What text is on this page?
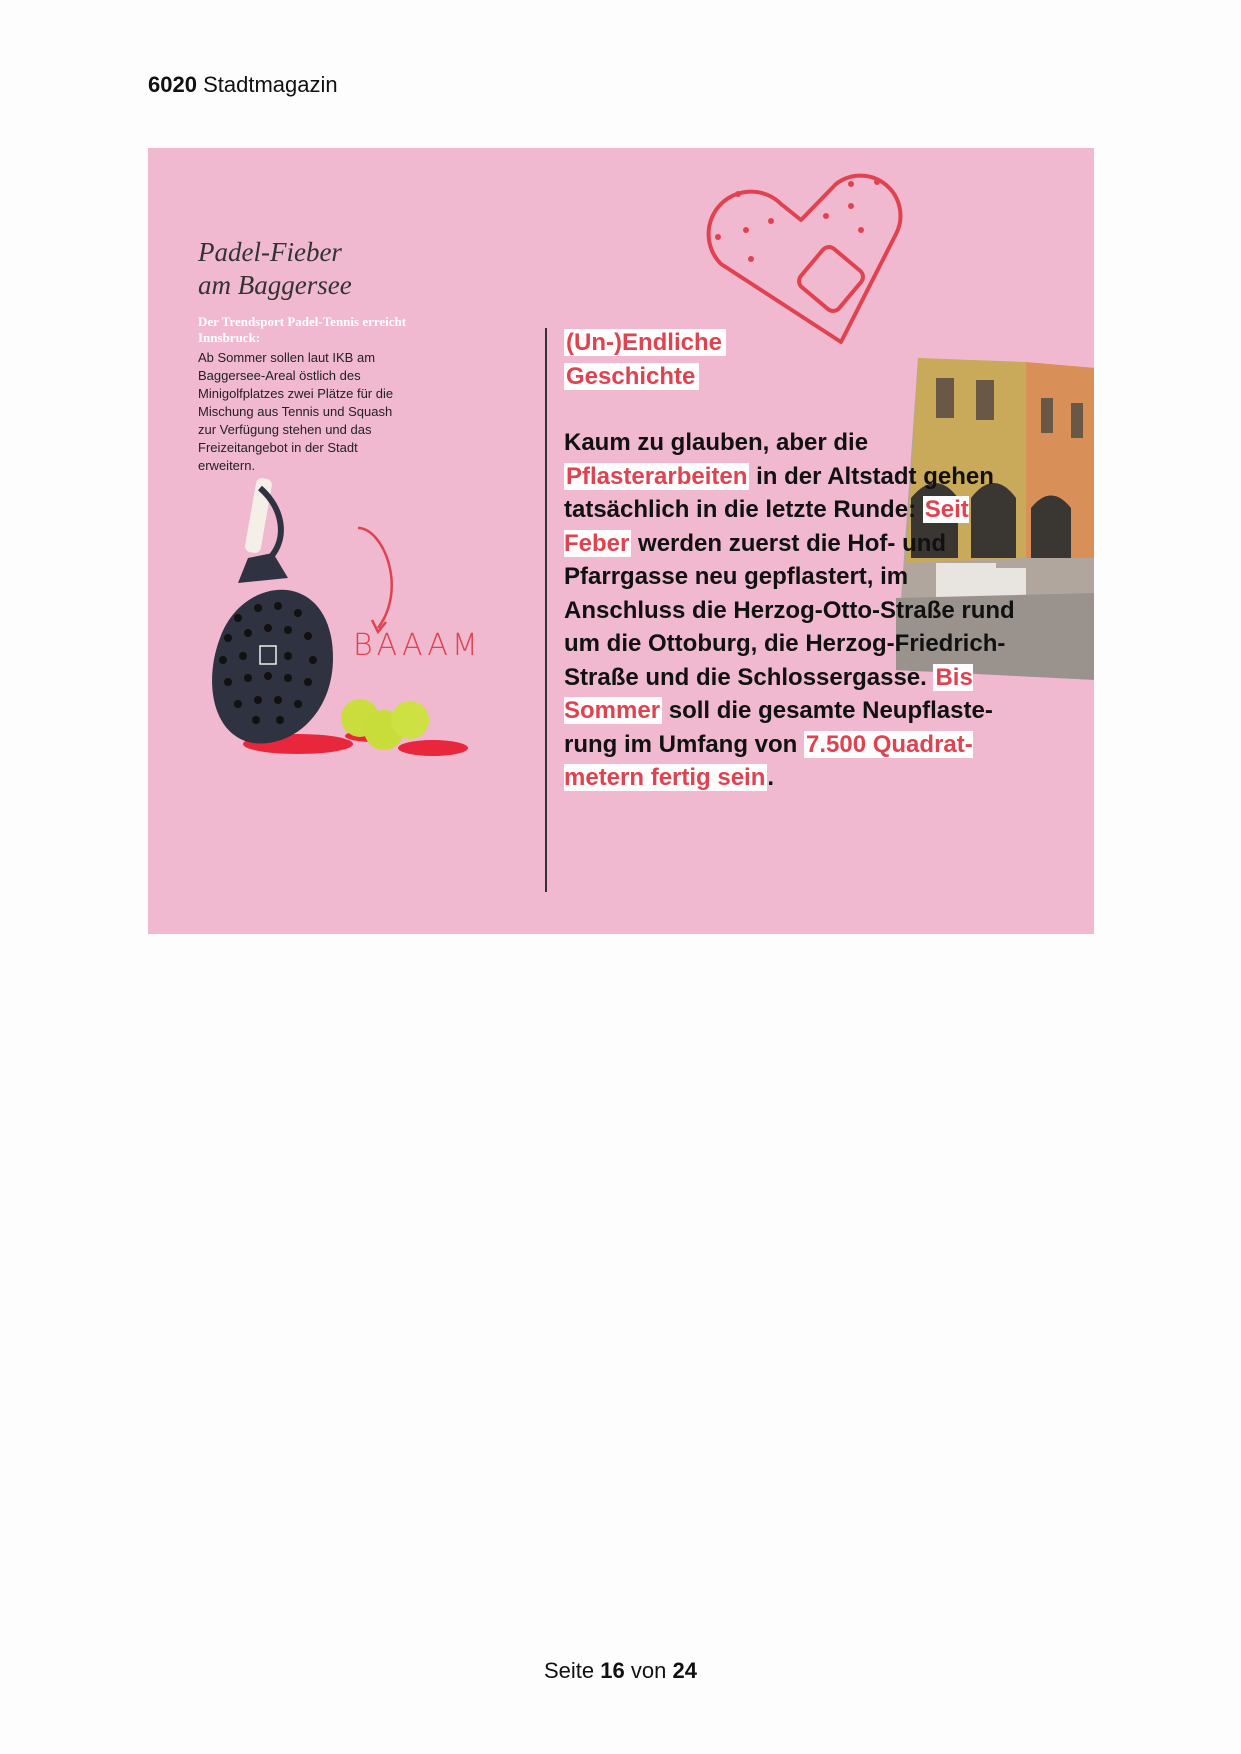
6020 Stadtmagazin
Padel-Fieber
am Baggersee
Der Trendsport Padel-Tennis erreicht Innsbruck:
Ab Sommer sollen laut IKB am Baggersee-Areal östlich des Minigolfplatzes zwei Plätze für die Mischung aus Tennis und Squash zur Verfügung stehen und das Freizeitangebot in der Stadt erweitern.
BAAAM
(Un-)Endliche
Geschichte
Kaum zu glauben, aber die Pflasterarbeiten in der Altstadt gehen tatsächlich in die letzte Runde: Seit Feber werden zuerst die Hof- und Pfarrgasse neu gepflastert, im Anschluss die Herzog-Otto-Straße rund um die Ottoburg, die Herzog-Friedrich-Straße und die Schlossergasse. Bis Sommer soll die gesamte Neupflasterung im Umfang von 7.500 Quadratmetern fertig sein.
Seite 16 von 24
